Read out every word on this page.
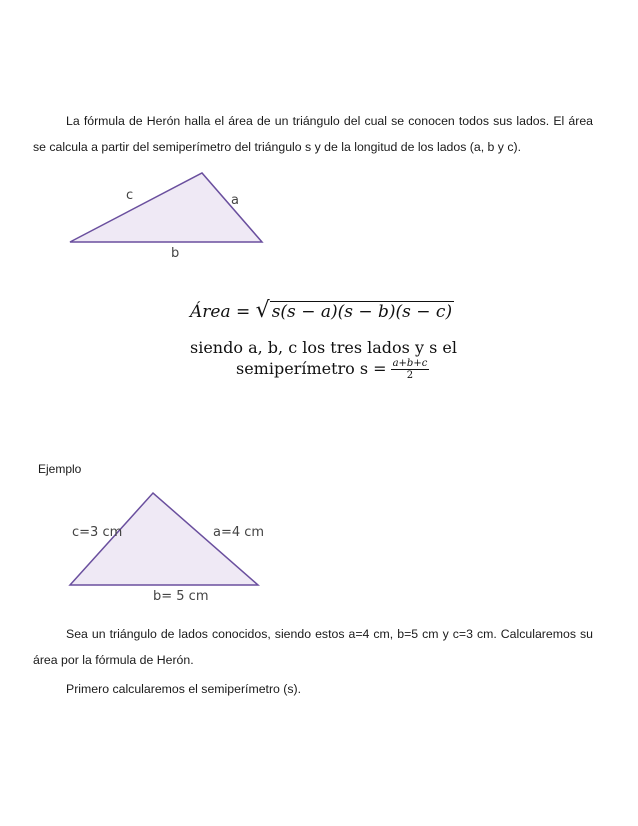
La fórmula de Herón halla el área de un triángulo del cual se conocen todos sus lados. El área se calcula a partir del semiperímetro del triángulo s y de la longitud de los lados (a, b y c).
c	a
b
Área = √ s(s − a)(s − b)(s − c)
siendo a, b, c los tres lados y s el
semiperímetro $s = \frac{a+b+c}{2}$
Ejemplo
c=3 cm	a=4 cm
b= 5 cm
Sea un triángulo de lados conocidos, siendo estos a=4 cm, b=5 cm y c=3 cm. Calcularemos su área por la fórmula de Herón.
Primero calcularemos el semiperímetro (s).
